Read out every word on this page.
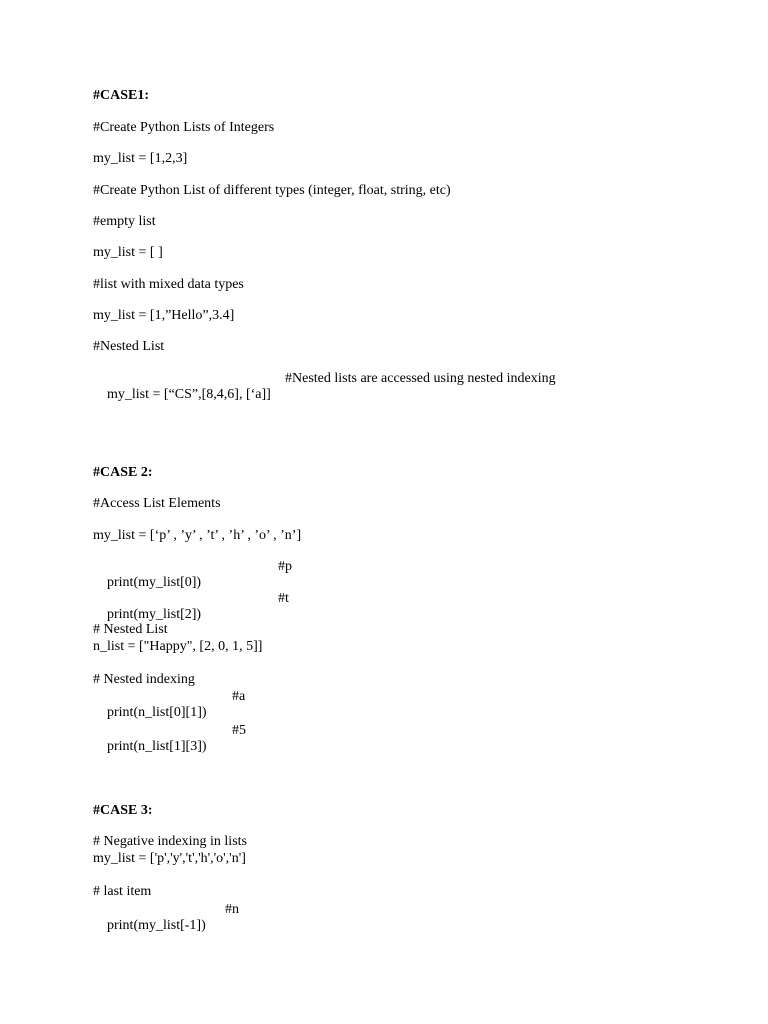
#CASE1:
#Create Python Lists of Integers
my_list = [1,2,3]
#Create Python List of different types (integer, float, string, etc)
#empty list
my_list = [ ]
#list with mixed data types
my_list = [1,”Hello”,3.4]
#Nested List

my_list = [“CS”,[8,4,6], [‘a]]

#Nested lists are accessed using nested indexing

#CASE 2:
#Access List Elements
my_list = [‘p’ , ’y’ , ’t’ , ’h’ , ’o’ , ’n’]

print(my_list[0])

#p

print(my_list[2])

#t

# Nested List
n_list = ["Happy", [2, 0, 1, 5]]
# Nested indexing

print(n_list[0][1])

#a

print(n_list[1][3])

#5

#CASE 3:
# Negative indexing in lists
my_list = ['p','y','t','h','o','n']
# last item

print(my_list[-1])

#n
